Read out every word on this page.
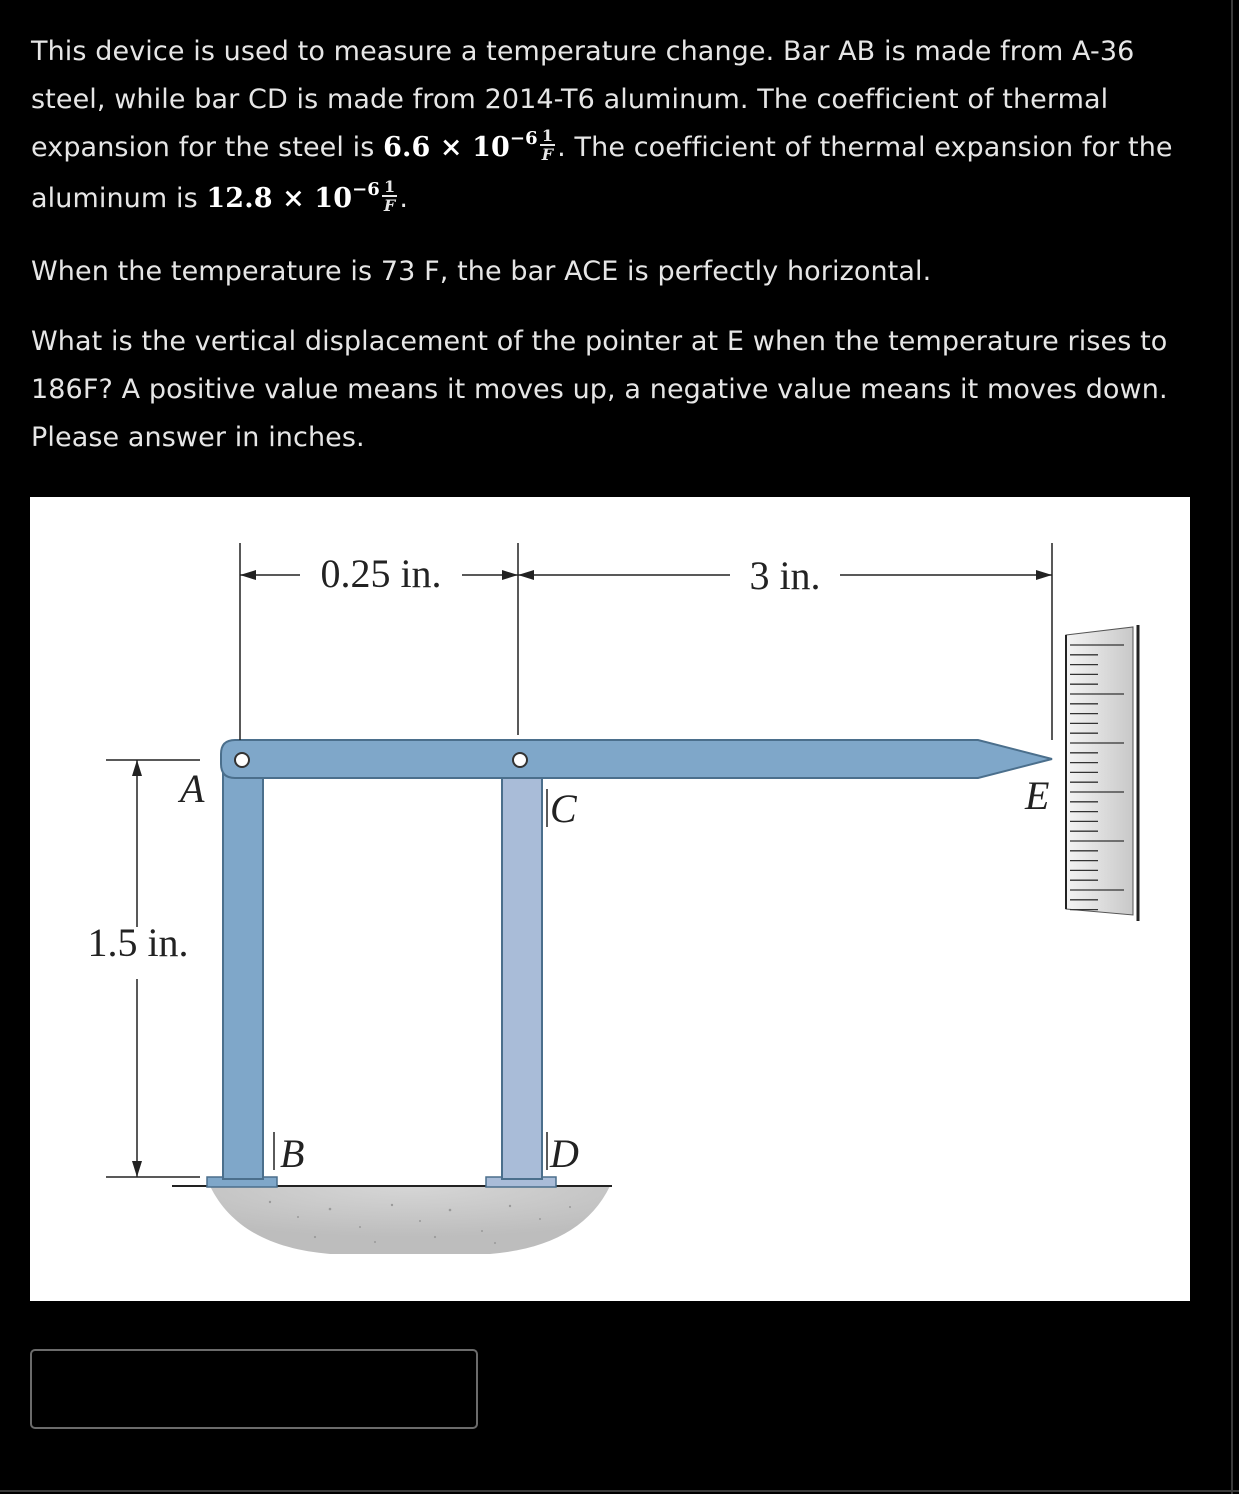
This device is used to measure a temperature change. Bar AB is made from A-36 steel, while bar CD is made from 2014-T6 aluminum. The coefficient of thermal expansion for the steel is $6.6 \times 10^{-6} \frac{1}{F}$ . The coefficient of thermal expansion for the aluminum is $12.8 \times 10^{-6} \frac{1}{F}$ .

When the temperature is 73 F, the bar ACE is perfectly horizontal.

What is the vertical displacement of the pointer at E when the temperature rises to 186F? A positive value means it moves up, a negative value means it moves down. Please answer in inches.

0.25 in.	3 in.
1.5 in.
A
B
C
D
E
